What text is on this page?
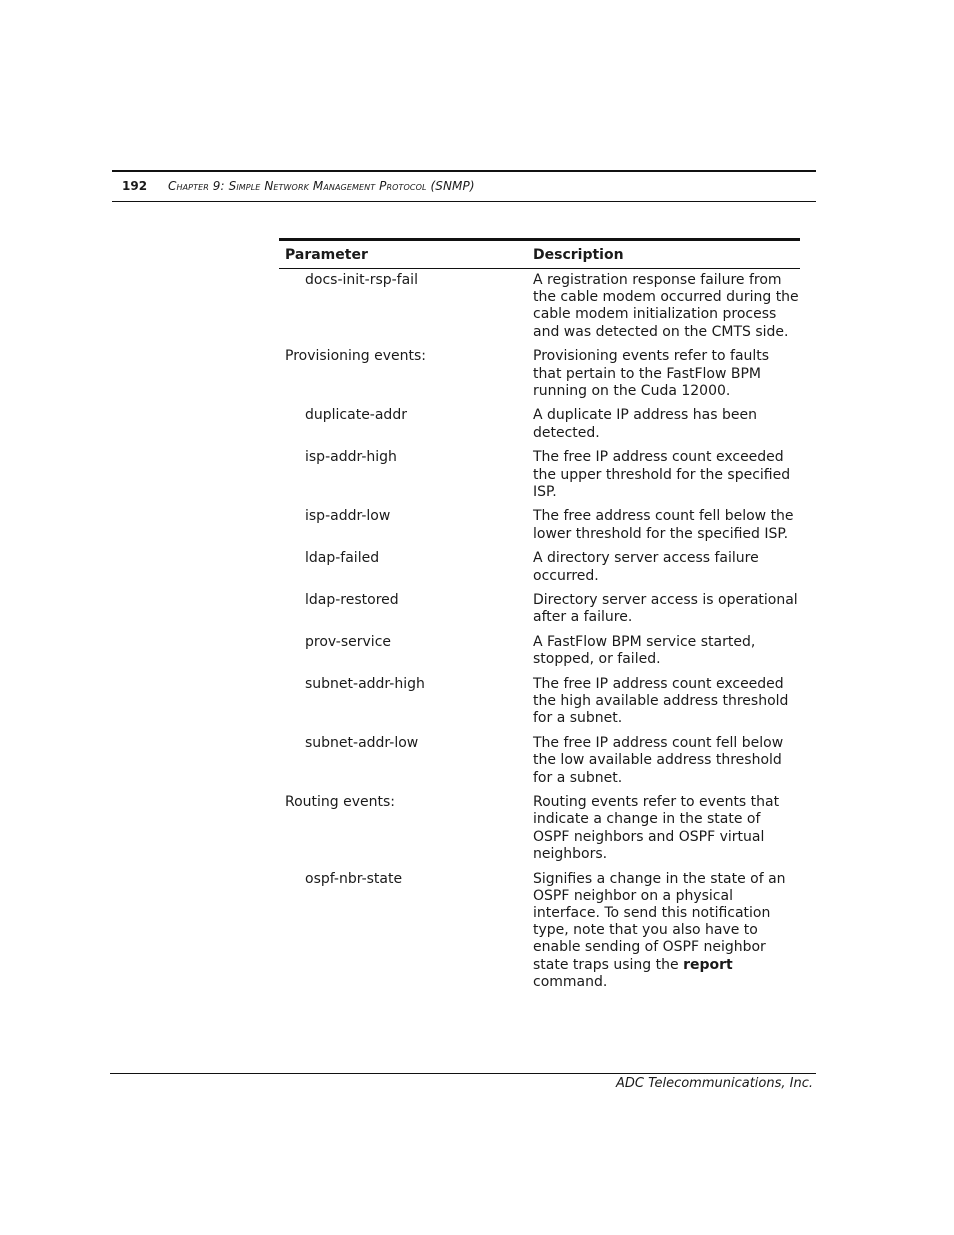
192 Chapter 9: Simple Network Management Protocol (SNMP)
Parameter	Description
docs-init-rsp-fail	A registration response failure from the cable modem occurred during the cable modem initialization process and was detected on the CMTS side.
Provisioning events:	Provisioning events refer to faults that pertain to the FastFlow BPM running on the Cuda 12000.
duplicate-addr	A duplicate IP address has been detected.
isp-addr-high	The free IP address count exceeded the upper threshold for the specified ISP.
isp-addr-low	The free address count fell below the lower threshold for the specified ISP.
ldap-failed	A directory server access failure occurred.
ldap-restored	Directory server access is operational after a failure.
prov-service	A FastFlow BPM service started, stopped, or failed.
subnet-addr-high	The free IP address count exceeded the high available address threshold for a subnet.
subnet-addr-low	The free IP address count fell below the low available address threshold for a subnet.
Routing events:	Routing events refer to events that indicate a change in the state of OSPF neighbors and OSPF virtual neighbors.
ospf-nbr-state	Signifies a change in the state of an OSPF neighbor on a physical interface. To send this notification type, note that you also have to enable sending of OSPF neighbor state traps using the report command.
ADC Telecommunications, Inc.
